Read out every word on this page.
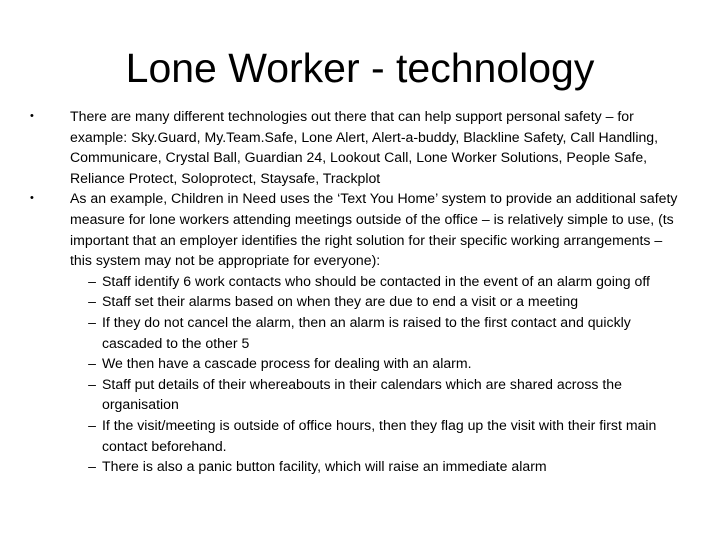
Lone Worker - technology
•	There are many different technologies out there that can help support personal safety – for example: Sky.Guard, My.Team.Safe, Lone Alert, Alert-a-buddy, Blackline Safety, Call Handling, Communicare, Crystal Ball, Guardian 24, Lookout Call, Lone Worker Solutions, People Safe, Reliance Protect, Soloprotect, Staysafe, Trackplot
•	As an example, Children in Need uses the ‘Text You Home’ system to provide an additional safety measure for lone workers attending meetings outside of the office – is relatively simple to use, (ts important that an employer identifies the right solution for their specific working arrangements – this system may not be appropriate for everyone):
– Staff identify 6 work contacts who should be contacted in the event of an alarm going off
– Staff set their alarms based on when they are due to end a visit or a meeting
– If they do not cancel the alarm, then an alarm is raised to the first contact and quickly cascaded to the other 5
– We then have a cascade process for dealing with an alarm.
– Staff put details of their whereabouts in their calendars which are shared across the organisation
– If the visit/meeting is outside of office hours, then they flag up the visit with their first main contact beforehand.
– There is also a panic button facility, which will raise an immediate alarm
